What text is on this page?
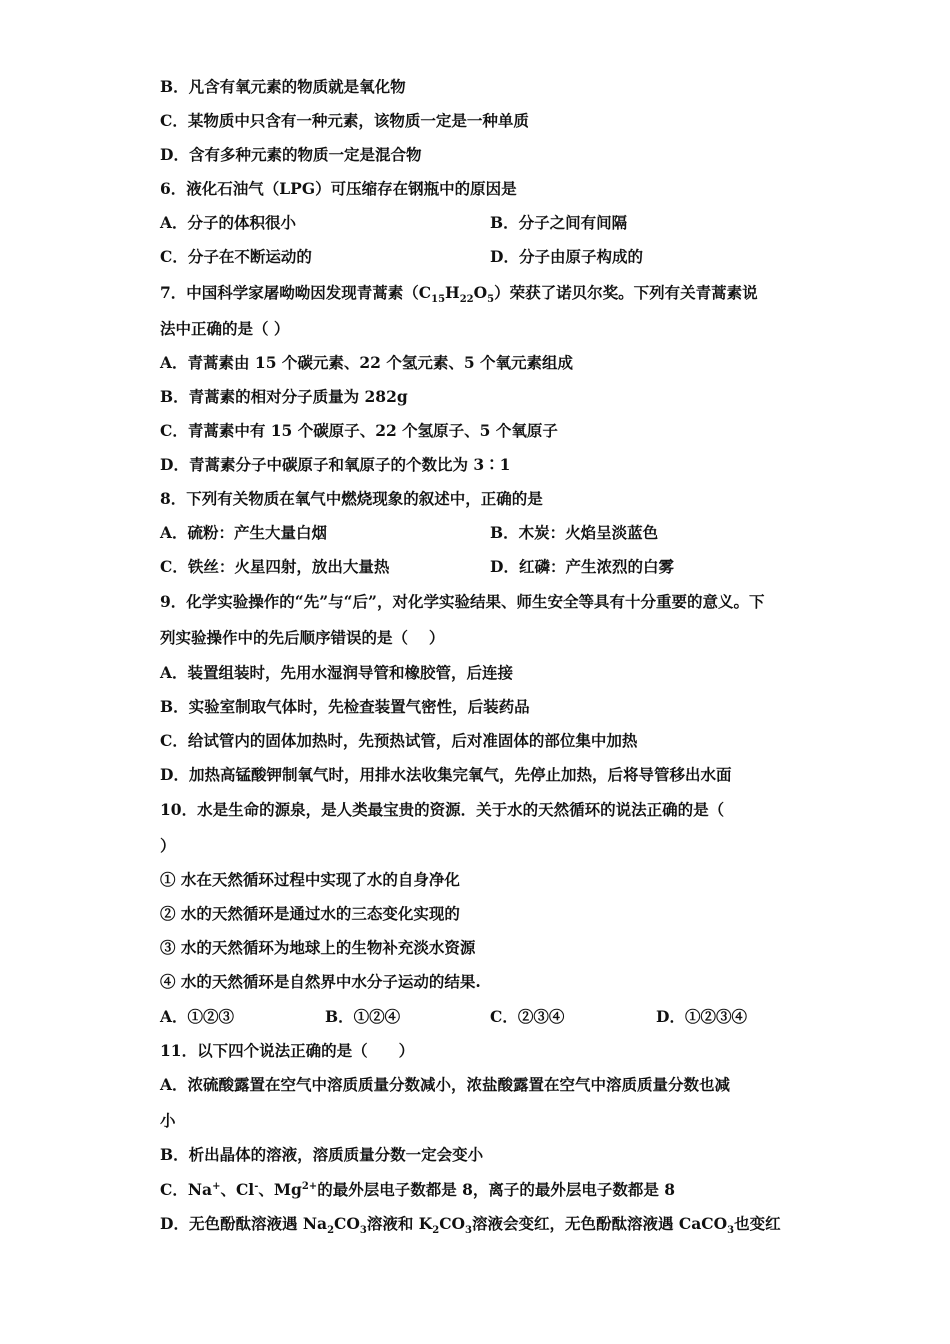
B．凡含有氧元素的物质就是氧化物
C．某物质中只含有一种元素，该物质一定是一种单质
D．含有多种元素的物质一定是混合物
6．液化石油气（LPG）可压缩存在钢瓶中的原因是
A．分子的体积很小	B．分子之间有间隔
C．分子在不断运动的	D．分子由原子构成的
7．中国科学家屠呦呦因发现青蒿素$(C_{15}H_{22}O_5)$荣获了诺贝尔奖。下列有关青蒿素说
法中正确的是（ ）
A．青蒿素由 15 个碳元素、22 个氢元素、5 个氧元素组成
B．青蒿素的相对分子质量为 282g
C．青蒿素中有 15 个碳原子、22 个氢原子、5 个氧原子
D．青蒿素分子中碳原子和氧原子的个数比为 3∶1
8．下列有关物质在氧气中燃烧现象的叙述中，正确的是
A．硫粉：产生大量白烟	B．木炭：火焰呈淡蓝色
C．铁丝：火星四射，放出大量热	D．红磷：产生浓烈的白雾
9．化学实验操作的“先”与“后”，对化学实验结果、师生安全等具有十分重要的意义。下
列实验操作中的先后顺序错误的是（　 ）
A．装置组装时，先用水湿润导管和橡胶管，后连接
B．实验室制取气体时，先检查装置气密性，后装药品
C．给试管内的固体加热时，先预热试管，后对准固体的部位集中加热
D．加热高锰酸钾制氧气时，用排水法收集完氧气，先停止加热，后将导管移出水面
10．水是生命的源泉，是人类最宝贵的资源．关于水的天然循环的说法正确的是（
）
① 水在天然循环过程中实现了水的自身净化
② 水的天然循环是通过水的三态变化实现的
③ 水的天然循环为地球上的生物补充淡水资源
④ 水的天然循环是自然界中水分子运动的结果.
A．①②③	B．①②④	C．②③④	D．①②③④
11．以下四个说法正确的是（　　）
A．浓硫酸露置在空气中溶质质量分数减小，浓盐酸露置在空气中溶质质量分数也减
小
B．析出晶体的溶液，溶质质量分数一定会变小
C．Na+、Cl-、$Mg^{2+}$的最外层电子数都是 8，离子的最外层电子数都是 8
D．无色酚酞溶液遇 $Na_2CO_3$溶液和 $K_2CO_3$溶液会变红，无色酚酞溶液遇 CaCO$_3$也变红
